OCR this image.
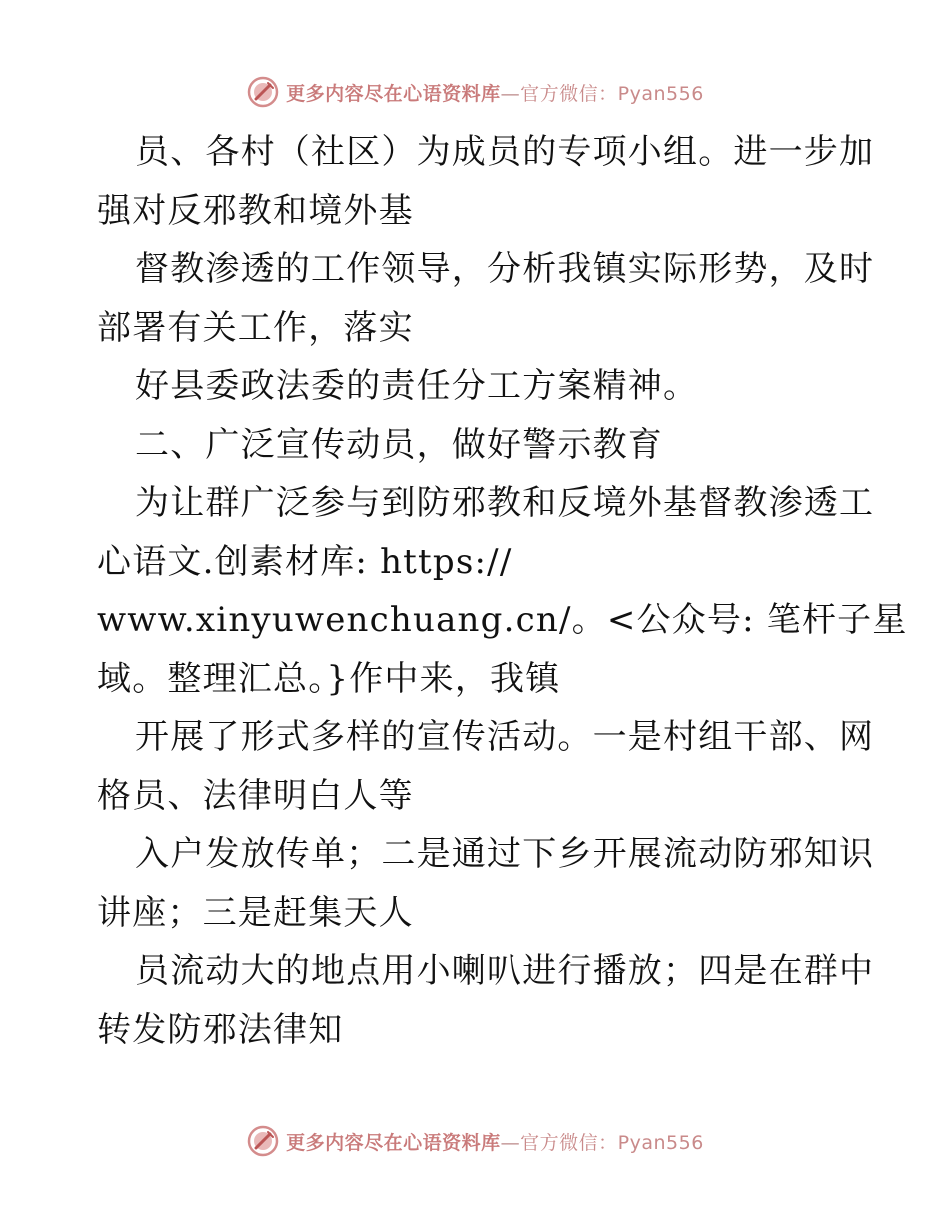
更多内容尽在心语资料库—官方微信：Pyan556
员、各村（社区）为成员的专项小组。进一步加
强对反邪教和境外基
督教渗透的工作领导，分析我镇实际形势，及时
部署有关工作，落实
好县委政法委的责任分工方案精神。
二、广泛宣传动员，做好警示教育
为让群广泛参与到防邪教和反境外基督教渗透工
心语文.创素材库: https://
www.xinyuwenchuang.cn/。<公众号: 笔杆子星
域。整理汇总。}作中来，我镇
开展了形式多样的宣传活动。一是村组干部、网
格员、法律明白人等
入户发放传单；二是通过下乡开展流动防邪知识
讲座；三是赶集天人
员流动大的地点用小喇叭进行播放；四是在群中
转发防邪法律知
更多内容尽在心语资料库—官方微信：Pyan556
